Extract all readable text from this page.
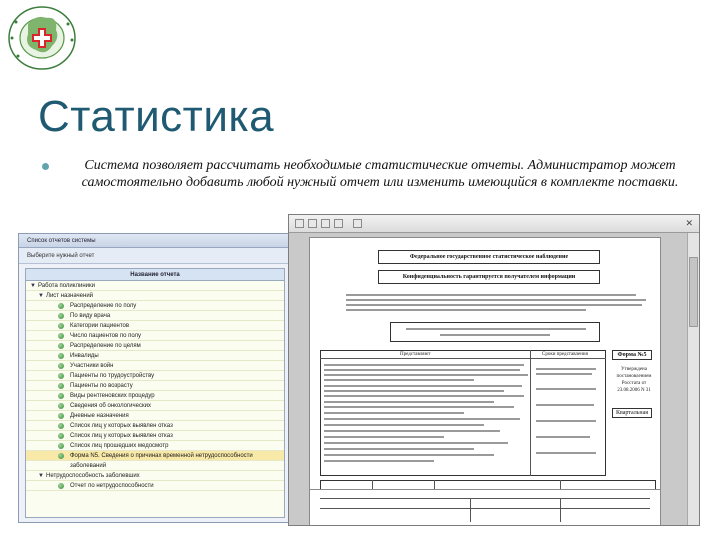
Статистика
Система позволяет рассчитать необходимые статистические отчеты. Администратор может самостоятельно добавить любой нужный отчет или изменить имеющийся в комплекте поставки.
Список отчетов системы
Выберите нужный отчет
Название отчета
▼ Работа поликлиники
▼ Лист назначений
Распределение по полу
По виду врача
Категории пациентов
Число пациентов по полу
Распределение по целям
Инвалиды
Участники войн
Пациенты по трудоустройству
Пациенты по возрасту
Виды рентгеновских процедур
Сведения об онкологических
Дневные назначения
Список лиц у которых выявлен отказ
Список лиц у которых выявлен отказ
Список лиц прошедших медосмотр
Форма N5. Сведения о причинах временной нетрудоспособности
заболеваний
▼ Нетрудоспособность заболевших
Отчет по нетрудоспособности
✕
Федеральное государственное статистическое наблюдение
Конфиденциальность гарантируется получателем информации
Представляют	Сроки представления	Форма №5
Утверждена постановлением Росстата от 23.08.2006 N 31
Квартальная
